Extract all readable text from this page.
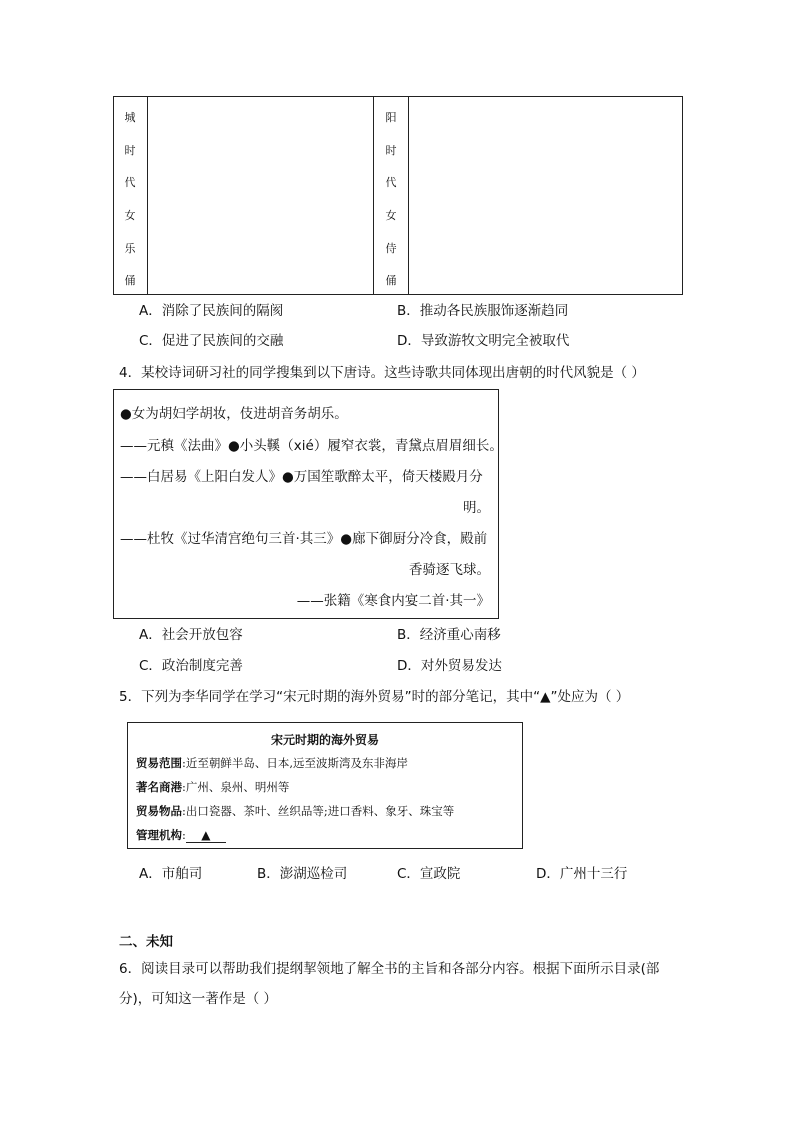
城
时
代
女
乐
俑
阳
时
代
女
侍
俑
A．消除了民族间的隔阂	B．推动各民族服饰逐渐趋同
C．促进了民族间的交融	D．导致游牧文明完全被取代
4．某校诗词研习社的同学搜集到以下唐诗。这些诗歌共同体现出唐朝的时代风貌是（ ）
●女为胡妇学胡妆，伎进胡音务胡乐。
——元稹《法曲》●小头鞵（xié）履窄衣裳，青黛点眉眉细长。
——白居易《上阳白发人》●万国笙歌醉太平，倚天楼殿月分
明。
——杜牧《过华清宫绝句三首·其三》●廊下御厨分冷食，殿前
香骑逐飞球。
——张籍《寒食内宴二首·其一》
A．社会开放包容	B．经济重心南移
C．政治制度完善	D．对外贸易发达
5．下列为李华同学在学习“宋元时期的海外贸易”时的部分笔记，其中“▲”处应为（ ）
宋元时期的海外贸易
贸易范围:近至朝鲜半岛、日本,远至波斯湾及东非海岸
著名商港:广州、泉州、明州等
贸易物品:出口瓷器、茶叶、丝织品等;进口香料、象牙、珠宝等
管理机构: ▲
A．市舶司	B．澎湖巡检司	C．宣政院	D．广州十三行
二、未知
6．阅读目录可以帮助我们提纲挈领地了解全书的主旨和各部分内容。根据下面所示目录(部
分)，可知这一著作是（ ）
